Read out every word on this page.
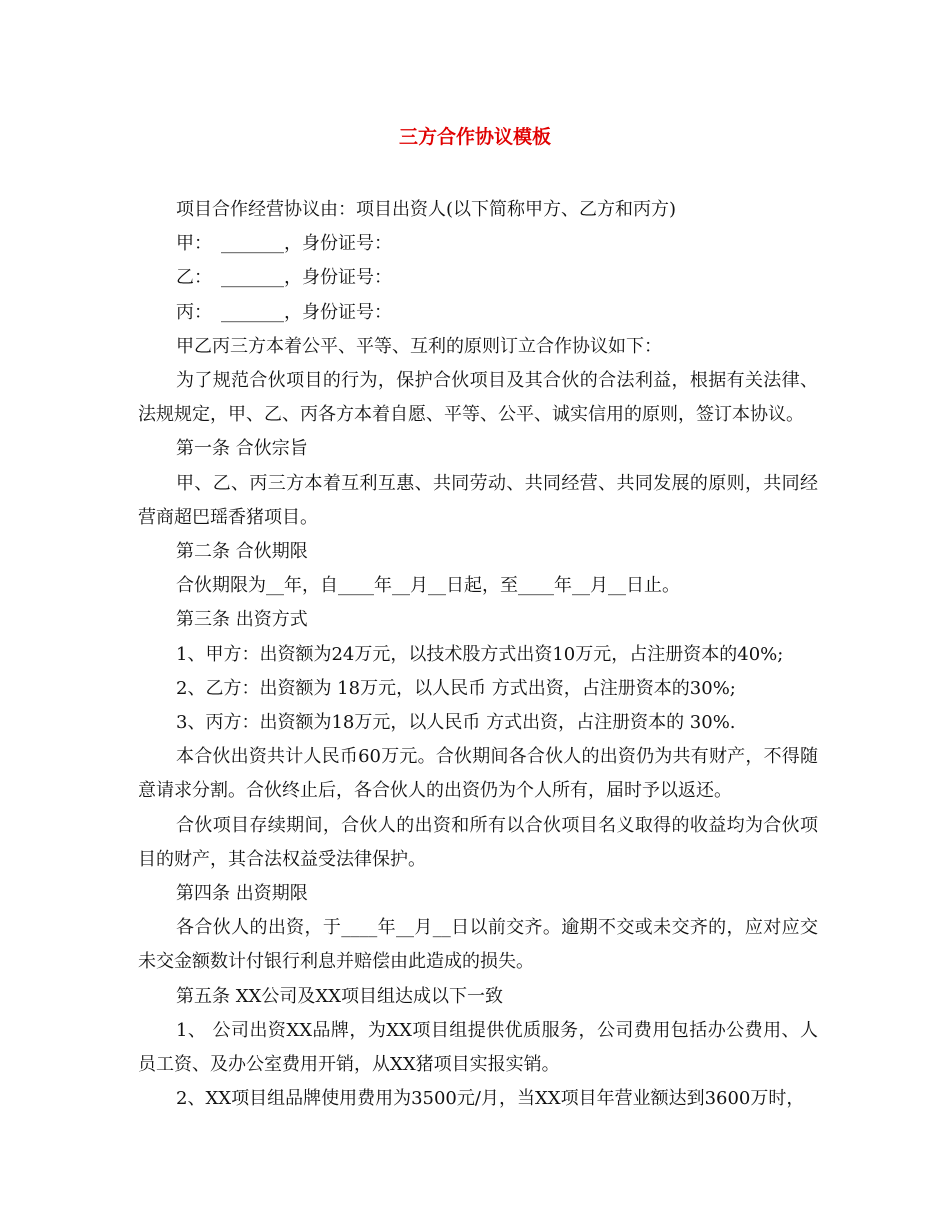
三方合作协议模板

项目合作经营协议由：项目出资人(以下简称甲方、乙方和丙方)

甲：　_______，身份证号：

乙：　_______，身份证号：

丙：　_______，身份证号：

甲乙丙三方本着公平、平等、互利的原则订立合作协议如下：

为了规范合伙项目的行为，保护合伙项目及其合伙的合法利益，根据有关法律、法规规定，甲、乙、丙各方本着自愿、平等、公平、诚实信用的原则，签订本协议。

第一条 合伙宗旨

甲、乙、丙三方本着互利互惠、共同劳动、共同经营、共同发展的原则，共同经营商超巴瑶香猪项目。

第二条 合伙期限

合伙期限为__年，自____年__月__日起，至____年__月__日止。

第三条 出资方式

1、甲方：出资额为24万元，以技术股方式出资10万元，占注册资本的40%;

2、乙方：出资额为 18万元，以人民币 方式出资，占注册资本的30%;

3、丙方：出资额为18万元，以人民币 方式出资，占注册资本的 30%.

本合伙出资共计人民币60万元。合伙期间各合伙人的出资仍为共有财产，不得随意请求分割。合伙终止后，各合伙人的出资仍为个人所有，届时予以返还。

合伙项目存续期间，合伙人的出资和所有以合伙项目名义取得的收益均为合伙项目的财产，其合法权益受法律保护。

第四条 出资期限

各合伙人的出资，于____年__月__日以前交齐。逾期不交或未交齐的，应对应交未交金额数计付银行利息并赔偿由此造成的损失。

第五条 XX公司及XX项目组达成以下一致

1、 公司出资XX品牌，为XX项目组提供优质服务，公司费用包括办公费用、人员工资、及办公室费用开销，从XX猪项目实报实销。

2、XX项目组品牌使用费用为3500元/月，当XX项目年营业额达到3600万时，
